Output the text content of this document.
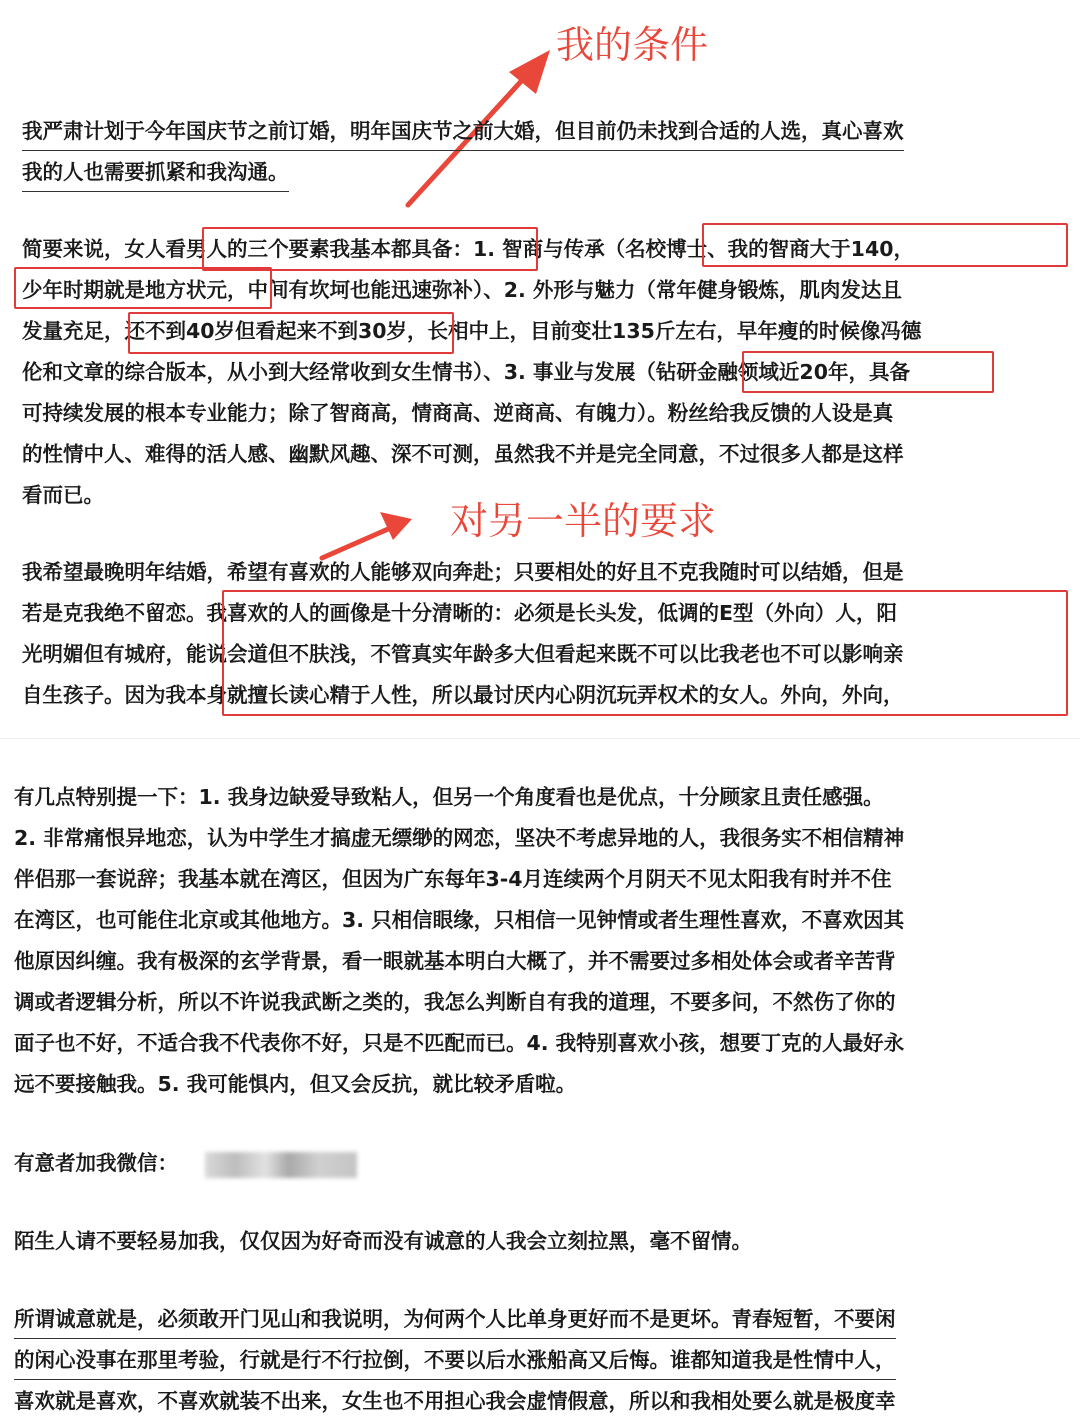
我的条件
对另一半的要求
我严肃计划于今年国庆节之前订婚，明年国庆节之前大婚，但目前仍未找到合适的人选，真心喜欢
我的人也需要抓紧和我沟通。
简要来说，女人看男人的三个要素我基本都具备：1. 智商与传承（名校博士、我的智商大于140，
少年时期就是地方状元，中间有坎坷也能迅速弥补）、2. 外形与魅力（常年健身锻炼，肌肉发达且
发量充足，还不到40岁但看起来不到30岁，长相中上，目前变壮135斤左右，早年瘦的时候像冯德
伦和文章的综合版本，从小到大经常收到女生情书）、3. 事业与发展（钻研金融领域近20年，具备
可持续发展的根本专业能力；除了智商高，情商高、逆商高、有魄力）。粉丝给我反馈的人设是真
的性情中人、难得的活人感、幽默风趣、深不可测，虽然我不并是完全同意，不过很多人都是这样
看而已。
我希望最晚明年结婚，希望有喜欢的人能够双向奔赴；只要相处的好且不克我随时可以结婚，但是
若是克我绝不留恋。我喜欢的人的画像是十分清晰的：必须是长头发，低调的E型（外向）人，阳
光明媚但有城府，能说会道但不肤浅，不管真实年龄多大但看起来既不可以比我老也不可以影响亲
自生孩子。因为我本身就擅长读心精于人性，所以最讨厌内心阴沉玩弄权术的女人。外向，外向，
有几点特别提一下：1. 我身边缺爱导致粘人，但另一个角度看也是优点，十分顾家且责任感强。
2. 非常痛恨异地恋，认为中学生才搞虚无缥缈的网恋，坚决不考虑异地的人，我很务实不相信精神
伴侣那一套说辞；我基本就在湾区，但因为广东每年3-4月连续两个月阴天不见太阳我有时并不住
在湾区，也可能住北京或其他地方。3. 只相信眼缘，只相信一见钟情或者生理性喜欢，不喜欢因其
他原因纠缠。我有极深的玄学背景，看一眼就基本明白大概了，并不需要过多相处体会或者辛苦背
调或者逻辑分析，所以不许说我武断之类的，我怎么判断自有我的道理，不要多问，不然伤了你的
面子也不好，不适合我不代表你不好，只是不匹配而已。4. 我特别喜欢小孩，想要丁克的人最好永
远不要接触我。5. 我可能惧内，但又会反抗，就比较矛盾啦。
有意者加我微信：
陌生人请不要轻易加我，仅仅因为好奇而没有诚意的人我会立刻拉黑，毫不留情。
所谓诚意就是，必须敢开门见山和我说明，为何两个人比单身更好而不是更坏。青春短暂，不要闲
的闲心没事在那里考验，行就是行不行拉倒，不要以后水涨船高又后悔。谁都知道我是性情中人，
喜欢就是喜欢，不喜欢就装不出来，女生也不用担心我会虚情假意，所以和我相处要么就是极度幸
